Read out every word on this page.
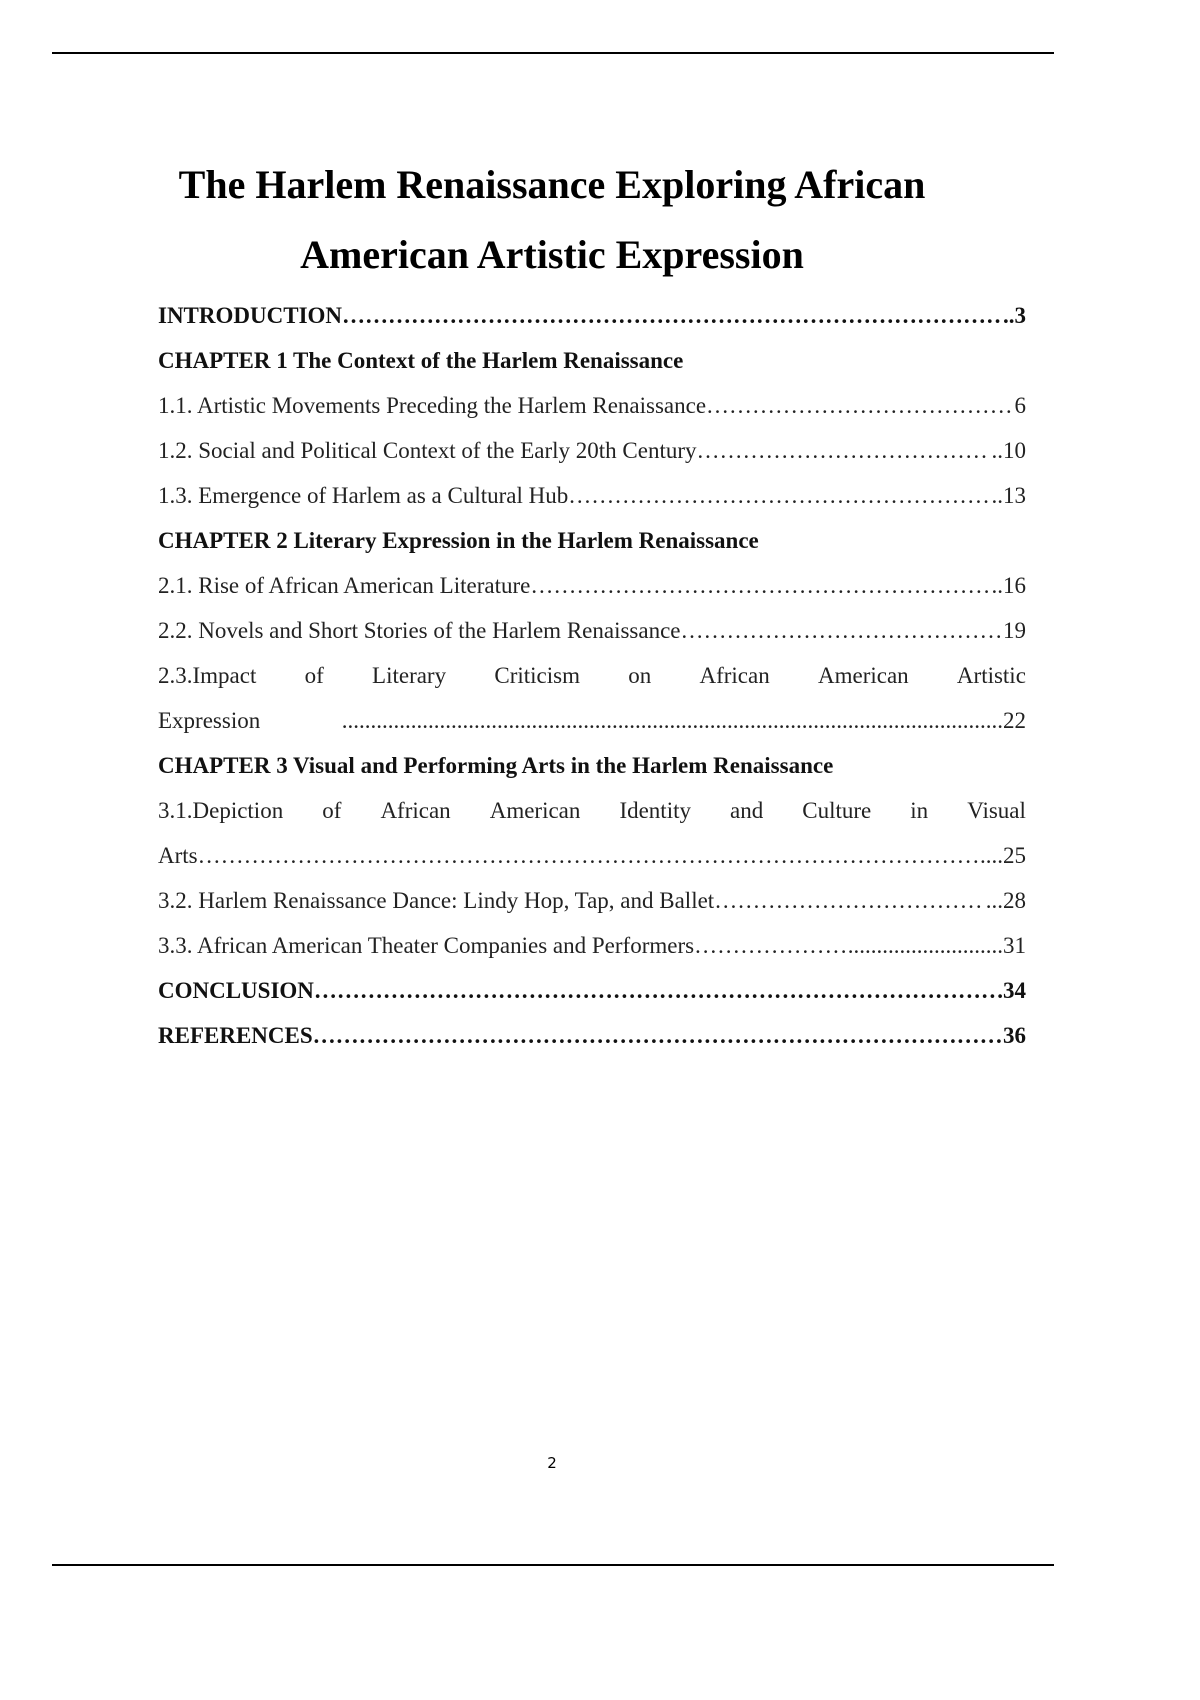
The Harlem Renaissance Exploring African
American Artistic Expression
INTRODUCTION ………………………………………………………………………………………………………………………………………………………	..3
CHAPTER 1 The Context of the Harlem Renaissance
1.1. Artistic Movements Preceding the Harlem Renaissance ………………………………………………………………………………………………………………………………………………………	6
1.2. Social and Political Context of the Early 20th Century ………………………………………………………………………………………………………………………………………………………	..10
1.3. Emergence of Harlem as a Cultural Hub ………………………………………………………………………………………………………………………………………………………	..13
CHAPTER 2 Literary Expression in the Harlem Renaissance
2.1. Rise of African American Literature ………………………………………………………………………………………………………………………………………………………	..16
2.2. Novels and Short Stories of the Harlem Renaissance ………………………………………………………………………………………………………………………………………………………	19
2.3.Impact of Literary Criticism on African American Artistic
Expression	...................................................................................................................22
CHAPTER 3 Visual and Performing Arts in the Harlem Renaissance
3.1.Depiction of African American Identity and Culture in Visual
Arts ………………………………………………………………………………………………………………………………………………………	....25
3.2. Harlem Renaissance Dance: Lindy Hop, Tap, and Ballet ………………………………………………………………………………………………………………………………………………………	...28
3.3. African American Theater Companies and Performers ………………………………………………………………………………………………………………………………………………………	...........................31
CONCLUSION ………………………………………………………………………………………………………………………………………………………	.34
REFERENCES ………………………………………………………………………………………………………………………………………………………	36
2
